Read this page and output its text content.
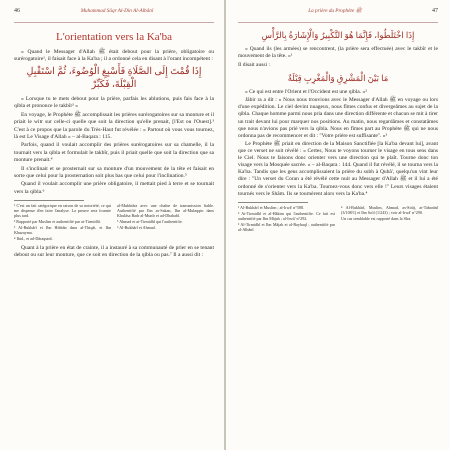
46	Muhammad Sâqr Al-Din Al-Albânî
L'orientation vers la Ka'ba

« Quand le Messager d'Allah ﷺ était debout pour la prière, obligatoire ou surérogatoire¹, il faisait face à la Ka'ba ; il a ordonné cela en disant à l'orant incompétent :

إِذَا قُمْتَ إِلَى الصَّلَاةِ فَأَسْبِغِ الْوُضُوءَ، ثُمَّ اسْتَقْبِلِ الْقِبْلَةَ، فَكَبِّرْ

« Lorsque tu te mets debout pour la prière, parfais les ablutions, puis fais face à la qibla et prononce le takbîr² »

En voyage, le Prophète ﷺ accomplissait les prières surérogatoires sur sa monture et il priait le witr sur celle-ci quelle que soit la direction qu'elle prenait, [l'Est ou l'Ouest].³ C'est à ce propos que la parole du Très-Haut fut révélée : « Partout où vous vous tournez, là est Le Visage d'Allah » – al-Baqara : 115.

Parfois, quand il voulait accomplir des prières surérogatoires sur sa chamelle, il la tournait vers la qibla et formulait le takbîr, puis il priait quelle que soit la direction que sa monture prenait.⁴

Il s'inclinait et se prosternait sur sa monture d'un mouvement de la tête et faisait en sorte que celui pour la prosternation soit plus bas que celui pour l'inclination.⁵

Quand il voulait accomplir une prière obligatoire, il mettait pied à terre et se tournait vers la qibla.⁶

¹ C'est un fait catégorique en raison de sa notoriété, ce qui me dispense d'en faire l'analyse. La preuve sera fournie plus tard.
² Rapporté par Muslim et authentifié par at-Tirmidhî.
³ Al-Bukhârî et Ibn Hibbân dans al-Thiqât, et Ibn Khuzayma.
⁴ Ibid., et ad-Dâraqutnî.
al-Mukhtâra avec une chaîne de transmission fiable. Authentifié par Ibn as-Sakan, Ibn al-Mulaqqin dans Khulâsa Badr al-Munîr et ad-Dhahabî.
⁵ Ahmad et at-Tirmidhî qui l'authentifie.
⁶ Al-Bukhârî et Ahmad.

Quant à la prière en état de crainte, il a instauré à sa communauté de prier en se tenant debout ou sur leur monture, que ce soit en direction de la qibla ou pas.⁷ Il a aussi dit :

La prière du Prophète ﷺ	47
إِذَا اخْتَلَطُوا، فَإِنَّمَا هُوَ التَّكْبِيرُ وَالْإِشَارَةُ بِالرَّأْسِ

« Quand ils (les armées) se rencontrent, (la prière sera effectuée) avec le takbîr et le mouvement de la tête. »¹

Il disait aussi :

مَا بَيْنَ الْمَشْرِقِ وَالْمَغْرِبِ قِبْلَةٌ

« Ce qui est entre l'Orient et l'Occident est une qibla. »²

Jâbir ra a dit : « Nous nous trouvions avec le Messager d'Allah ﷺ en voyage ou lors d'une expédition. Le ciel devint nuageux, nous fîmes confus et divergeâmes au sujet de la qibla. Chaque homme parmi nous pria dans une direction différente et chacun se mit à tirer un trait devant lui pour marquer nos positions. Au matin, nous regardâmes et constatâmes que nous n'avions pas prié vers la qibla. Nous en fîmes part au Prophète ﷺ qui ne nous ordonna pas de recommencer et dit : "Votre prière est suffisante". »³

Le Prophète ﷺ priait en direction de la Maison Sanctifiée [la Ka'ba devant lui], avant que ce verset ne soit révélé : « Certes, Nous te voyons tourner le visage en tous sens dans le Ciel. Nous te faisons donc orienter vers une direction qui te plaît. Tourne donc ton visage vers la Mosquée sacrée. » – al-Baqara : 144. Quand il fut révélé, il se tourna vers la Ka'ba. Tandis que les gens accomplissaient la prière du subh à Qubâ', quelqu'un vint leur dire : "Un verset du Coran a été révélé cette nuit au Messager d'Allah ﷺ et il lui a été ordonné de s'orienter vers la Ka'ba. Tournez-vous donc vers elle !" Leurs visages étaient tournés vers le Shâm. Ils se tournèrent alors vers la Ka'ba.⁴

¹ Al-Bukhârî et Muslim ; al-Irwâ' n°588.
² At-Tirmidhî et al-Hâkim qui l'authentifie. Ce fait est authentifié par Ibn Mâjah ; al-Irwâ' n°292.
³ Al-Tirmidhî et Ibn Mâjah et al-Bayhaqî ; authentifié par al-Albânî.
⁴ Al-Bukhârî, Muslim, Ahmad, as-Sirâj, at-Tabarânî (3/108/1) et Ibn Sa'd (1/243) ; voir al-Irwâ' n°290.
Un cas semblable est rapporté dans la Sîra.
